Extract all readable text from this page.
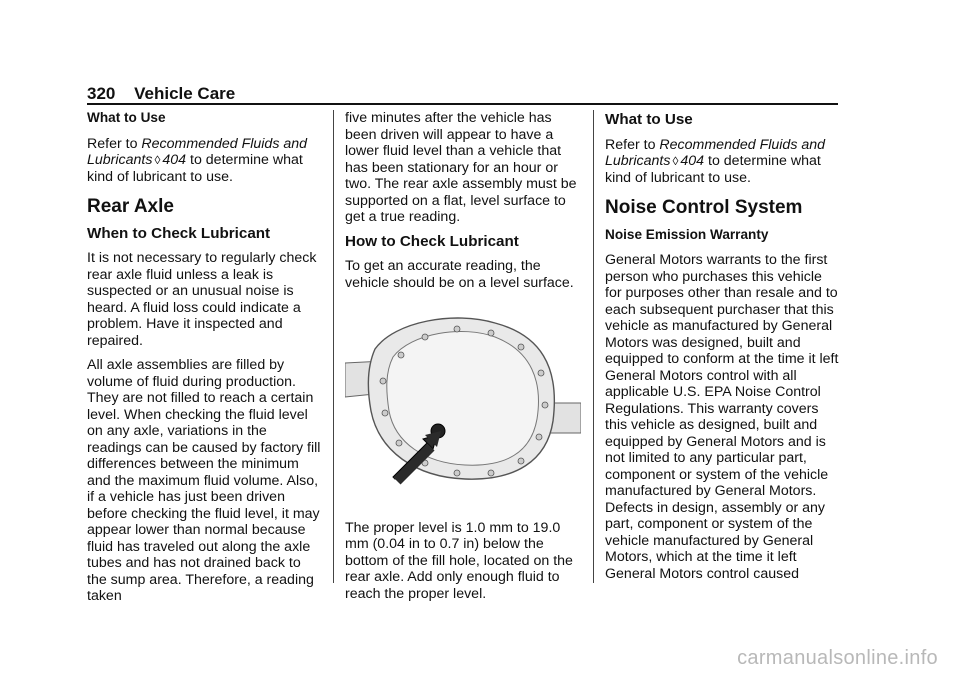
320 Vehicle Care
What to Use

Refer to Recommended Fluids and Lubricants ◊ 404 to determine what kind of lubricant to use.

Rear Axle
When to Check Lubricant

It is not necessary to regularly check rear axle fluid unless a leak is suspected or an unusual noise is heard. A fluid loss could indicate a problem. Have it inspected and repaired.

All axle assemblies are filled by volume of fluid during production. They are not filled to reach a certain level. When checking the fluid level on any axle, variations in the readings can be caused by factory fill differences between the minimum and the maximum fluid volume. Also, if a vehicle has just been driven before checking the fluid level, it may appear lower than normal because fluid has traveled out along the axle tubes and has not drained back to the sump area. Therefore, a reading taken

five minutes after the vehicle has been driven will appear to have a lower fluid level than a vehicle that has been stationary for an hour or two. The rear axle assembly must be supported on a flat, level surface to get a true reading.

How to Check Lubricant

To get an accurate reading, the vehicle should be on a level surface.

The proper level is 1.0 mm to 19.0 mm (0.04 in to 0.7 in) below the bottom of the fill hole, located on the rear axle. Add only enough fluid to reach the proper level.

What to Use

Refer to Recommended Fluids and Lubricants ◊ 404 to determine what kind of lubricant to use.

Noise Control System
Noise Emission Warranty

General Motors warrants to the first person who purchases this vehicle for purposes other than resale and to each subsequent purchaser that this vehicle as manufactured by General Motors was designed, built and equipped to conform at the time it left General Motors control with all applicable U.S. EPA Noise Control Regulations. This warranty covers this vehicle as designed, built and equipped by General Motors and is not limited to any particular part, component or system of the vehicle manufactured by General Motors. Defects in design, assembly or any part, component or system of the vehicle manufactured by General Motors, which at the time it left General Motors control caused

carmanualsonline.info
